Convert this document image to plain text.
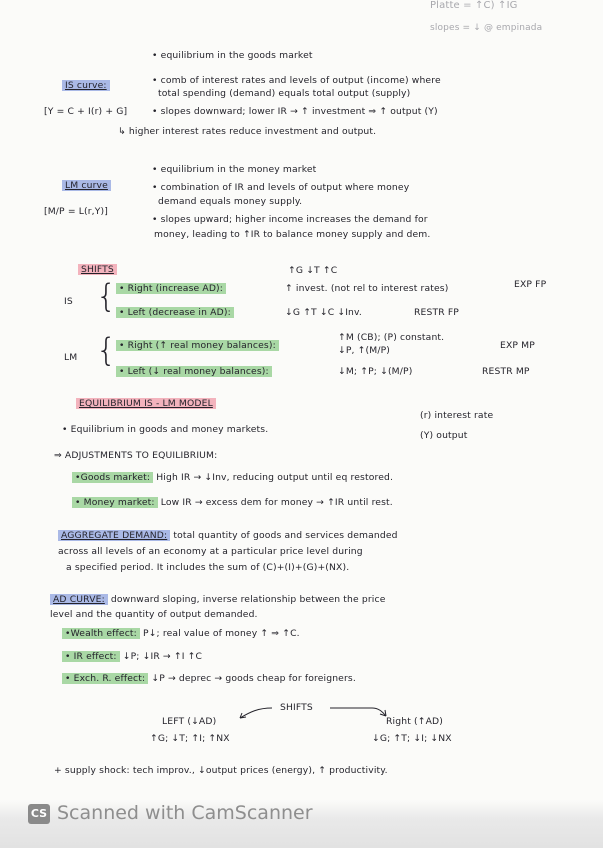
Platte = ↑C) ↑IG
slopes = ↓ @ empinada
• equilibrium in the goods market
IS curve:	• comb of interest rates and levels of output (income) where
total spending (demand) equals total output (supply)
[Y = C + I(r) + G]	• slopes downward; lower IR → ↑ investment ⇒ ↑ output (Y)
↳ higher interest rates reduce investment and output.
• equilibrium in the money market
LM curve	• combination of IR and levels of output where money
demand equals money supply.
[M/P = L(r,Y)]
• slopes upward; higher income increases the demand for
money, leading to ↑IR to balance money supply and dem.
SHIFTS	↑G ↓T ↑C
IS { • Right (increase AD):	↑ invest. (not rel to interest rates)	EXP FP
• Left (decrease in AD):	↓G ↑T ↓C ↓Inv.	RESTR FP
↑M (CB); (P) constant.
LM { • Right (↑ real money balances):	↓P, ↑(M/P)	EXP MP
• Left (↓ real money balances):	↓M; ↑P; ↓(M/P)	RESTR MP
EQUILIBRIUM IS - LM MODEL
• Equilibrium in goods and money markets.
(r) interest rate
(Y) output
⇒ ADJUSTMENTS TO EQUILIBRIUM:
•Goods market: High IR → ↓Inv, reducing output until eq restored.
• Money market: Low IR → excess dem for money → ↑IR until rest.
AGGREGATE DEMAND: total quantity of goods and services demanded
across all levels of an economy at a particular price level during
a specified period. It includes the sum of (C)+(I)+(G)+(NX).
AD CURVE: downward sloping, inverse relationship between the price
level and the quantity of output demanded.
•Wealth effect: P↓; real value of money ↑ ⇒ ↑C.
• IR effect: ↓P; ↓IR → ↑I ↑C
• Exch. R. effect: ↓P → deprec → goods cheap for foreigners.
SHIFTS
LEFT (↓AD)
↑G; ↓T; ↑I; ↑NX
Right (↑AD)
↓G; ↑T; ↓I; ↓NX
+ supply shock: tech improv., ↓output prices (energy), ↑ productivity.
CS Scanned with CamScanner
